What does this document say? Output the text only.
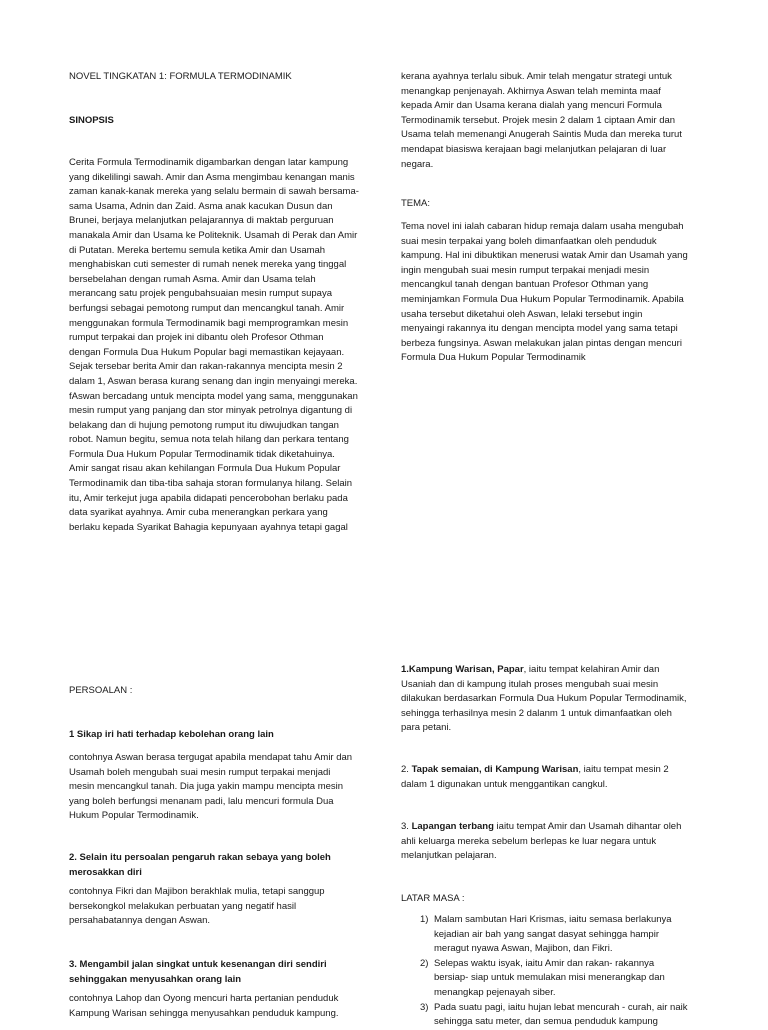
NOVEL TINGKATAN 1: FORMULA TERMODINAMIK

SINOPSIS

Cerita Formula Termodinamik digambarkan dengan latar kampung

yang dikelilingi sawah. Amir dan Asma mengimbau kenangan manis

zaman kanak-kanak mereka yang selalu bermain di sawah bersama-

sama Usama, Adnin dan Zaid. Asma anak kacukan Dusun dan

Brunei, berjaya melanjutkan pelajarannya di maktab perguruan

manakala Amir dan Usama ke Politeknik. Usamah di Perak dan Amir

di Putatan. Mereka bertemu semula ketika Amir dan Usamah

menghabiskan cuti semester di rumah nenek mereka yang tinggal

bersebelahan dengan rumah Asma. Amir dan Usama telah

merancang satu projek pengubahsuaian mesin rumput supaya

berfungsi sebagai pemotong rumput dan mencangkul tanah. Amir

menggunakan formula Termodinamik bagi memprogramkan mesin

rumput terpakai dan projek ini dibantu oleh Profesor Othman

dengan Formula Dua Hukum Popular bagi memastikan kejayaan.

Sejak tersebar berita Amir dan rakan-rakannya mencipta mesin 2

dalam 1, Aswan berasa kurang senang dan ingin menyaingi mereka.

fAswan bercadang untuk mencipta model yang sama, menggunakan

mesin rumput yang panjang dan stor minyak petrolnya digantung di

belakang dan di hujung pemotong rumput itu diwujudkan tangan

robot. Namun begitu, semua nota telah hilang dan perkara tentang

Formula Dua Hukum Popular Termodinamik tidak diketahuinya.

Amir sangat risau akan kehilangan Formula Dua Hukum Popular

Termodinamik dan tiba-tiba sahaja storan formulanya hilang. Selain

itu, Amir terkejut juga apabila didapati pencerobohan berlaku pada

data syarikat ayahnya. Amir cuba menerangkan perkara yang

berlaku kepada Syarikat Bahagia kepunyaan ayahnya tetapi gagal

kerana ayahnya terlalu sibuk. Amir telah mengatur strategi untuk

menangkap penjenayah. Akhirnya Aswan telah meminta maaf

kepada Amir dan Usama kerana dialah yang mencuri Formula

Termodinamik tersebut. Projek mesin 2 dalam 1 ciptaan Amir dan

Usama telah memenangi Anugerah Saintis Muda dan mereka turut

mendapat biasiswa kerajaan bagi melanjutkan pelajaran di luar

negara.

TEMA:

Tema novel ini ialah cabaran hidup remaja dalam usaha mengubah

suai mesin terpakai yang boleh dimanfaatkan oleh penduduk

kampung. Hal ini dibuktikan menerusi watak Amir dan Usamah yang

ingin mengubah suai mesin rumput terpakai menjadi mesin

mencangkul tanah dengan bantuan Profesor Othman yang

meminjamkan Formula Dua Hukum Popular Termodinamik. Apabila

usaha tersebut diketahui oleh Aswan, lelaki tersebut ingin

menyaingi rakannya itu dengan mencipta model yang sama tetapi

berbeza fungsinya. Aswan melakukan jalan pintas dengan mencuri

Formula Dua Hukum Popular Termodinamik

PERSOALAN :

1 Sikap iri hati terhadap kebolehan orang lain

contohnya Aswan berasa tergugat apabila mendapat tahu Amir dan

Usamah boleh mengubah suai mesin rumput terpakai menjadi

mesin mencangkul tanah. Dia juga yakin mampu mencipta mesin

yang boleh berfungsi menanam padi, lalu mencuri formula Dua

Hukum Popular Termodinamik.

2. Selain itu persoalan pengaruh rakan sebaya yang boleh

merosakkan diri

contohnya Fikri dan Majibon berakhlak mulia, tetapi sanggup

bersekongkol melakukan perbuatan yang negatif hasil

persahabatannya dengan Aswan.

3. Mengambil jalan singkat untuk kesenangan diri sendiri

sehinggakan menyusahkan orang lain

contohnya Lahop dan Oyong mencuri harta pertanian penduduk

Kampung Warisan sehingga menyusahkan penduduk kampung.

1.Kampung Warisan, Papar, iaitu tempat kelahiran Amir dan

Usaniah dan di kampung itulah proses mengubah suai mesin

dilakukan berdasarkan Formula Dua Hukum Popular Termodinamik,

sehingga terhasilnya mesin 2 dalanm 1 untuk dimanfaatkan oleh

para petani.

2. Tapak semaian, di Kampung Warisan, iaitu tempat mesin 2

dalam 1 digunakan untuk menggantikan cangkul.

3. Lapangan terbang iaitu tempat Amir dan Usamah dihantar oleh

ahli keluarga mereka sebelum berlepas ke luar negara untuk

melanjutkan pelajaran.

LATAR MASA :

1) Malam sambutan Hari Krismas, iaitu semasa berlakunya

kejadian air bah yang sangat dasyat sehingga hampir

meragut nyawa Aswan, Majibon, dan Fikri.

2) Selepas waktu isyak, iaitu Amir dan rakan- rakannya

bersiap- siap untuk memulakan misi menerangkap dan

menangkap pejenayah siber.

3) Pada suatu pagi, iaitu hujan lebat mencurah - curah, air naik

sehingga satu meter, dan semua penduduk kampung
